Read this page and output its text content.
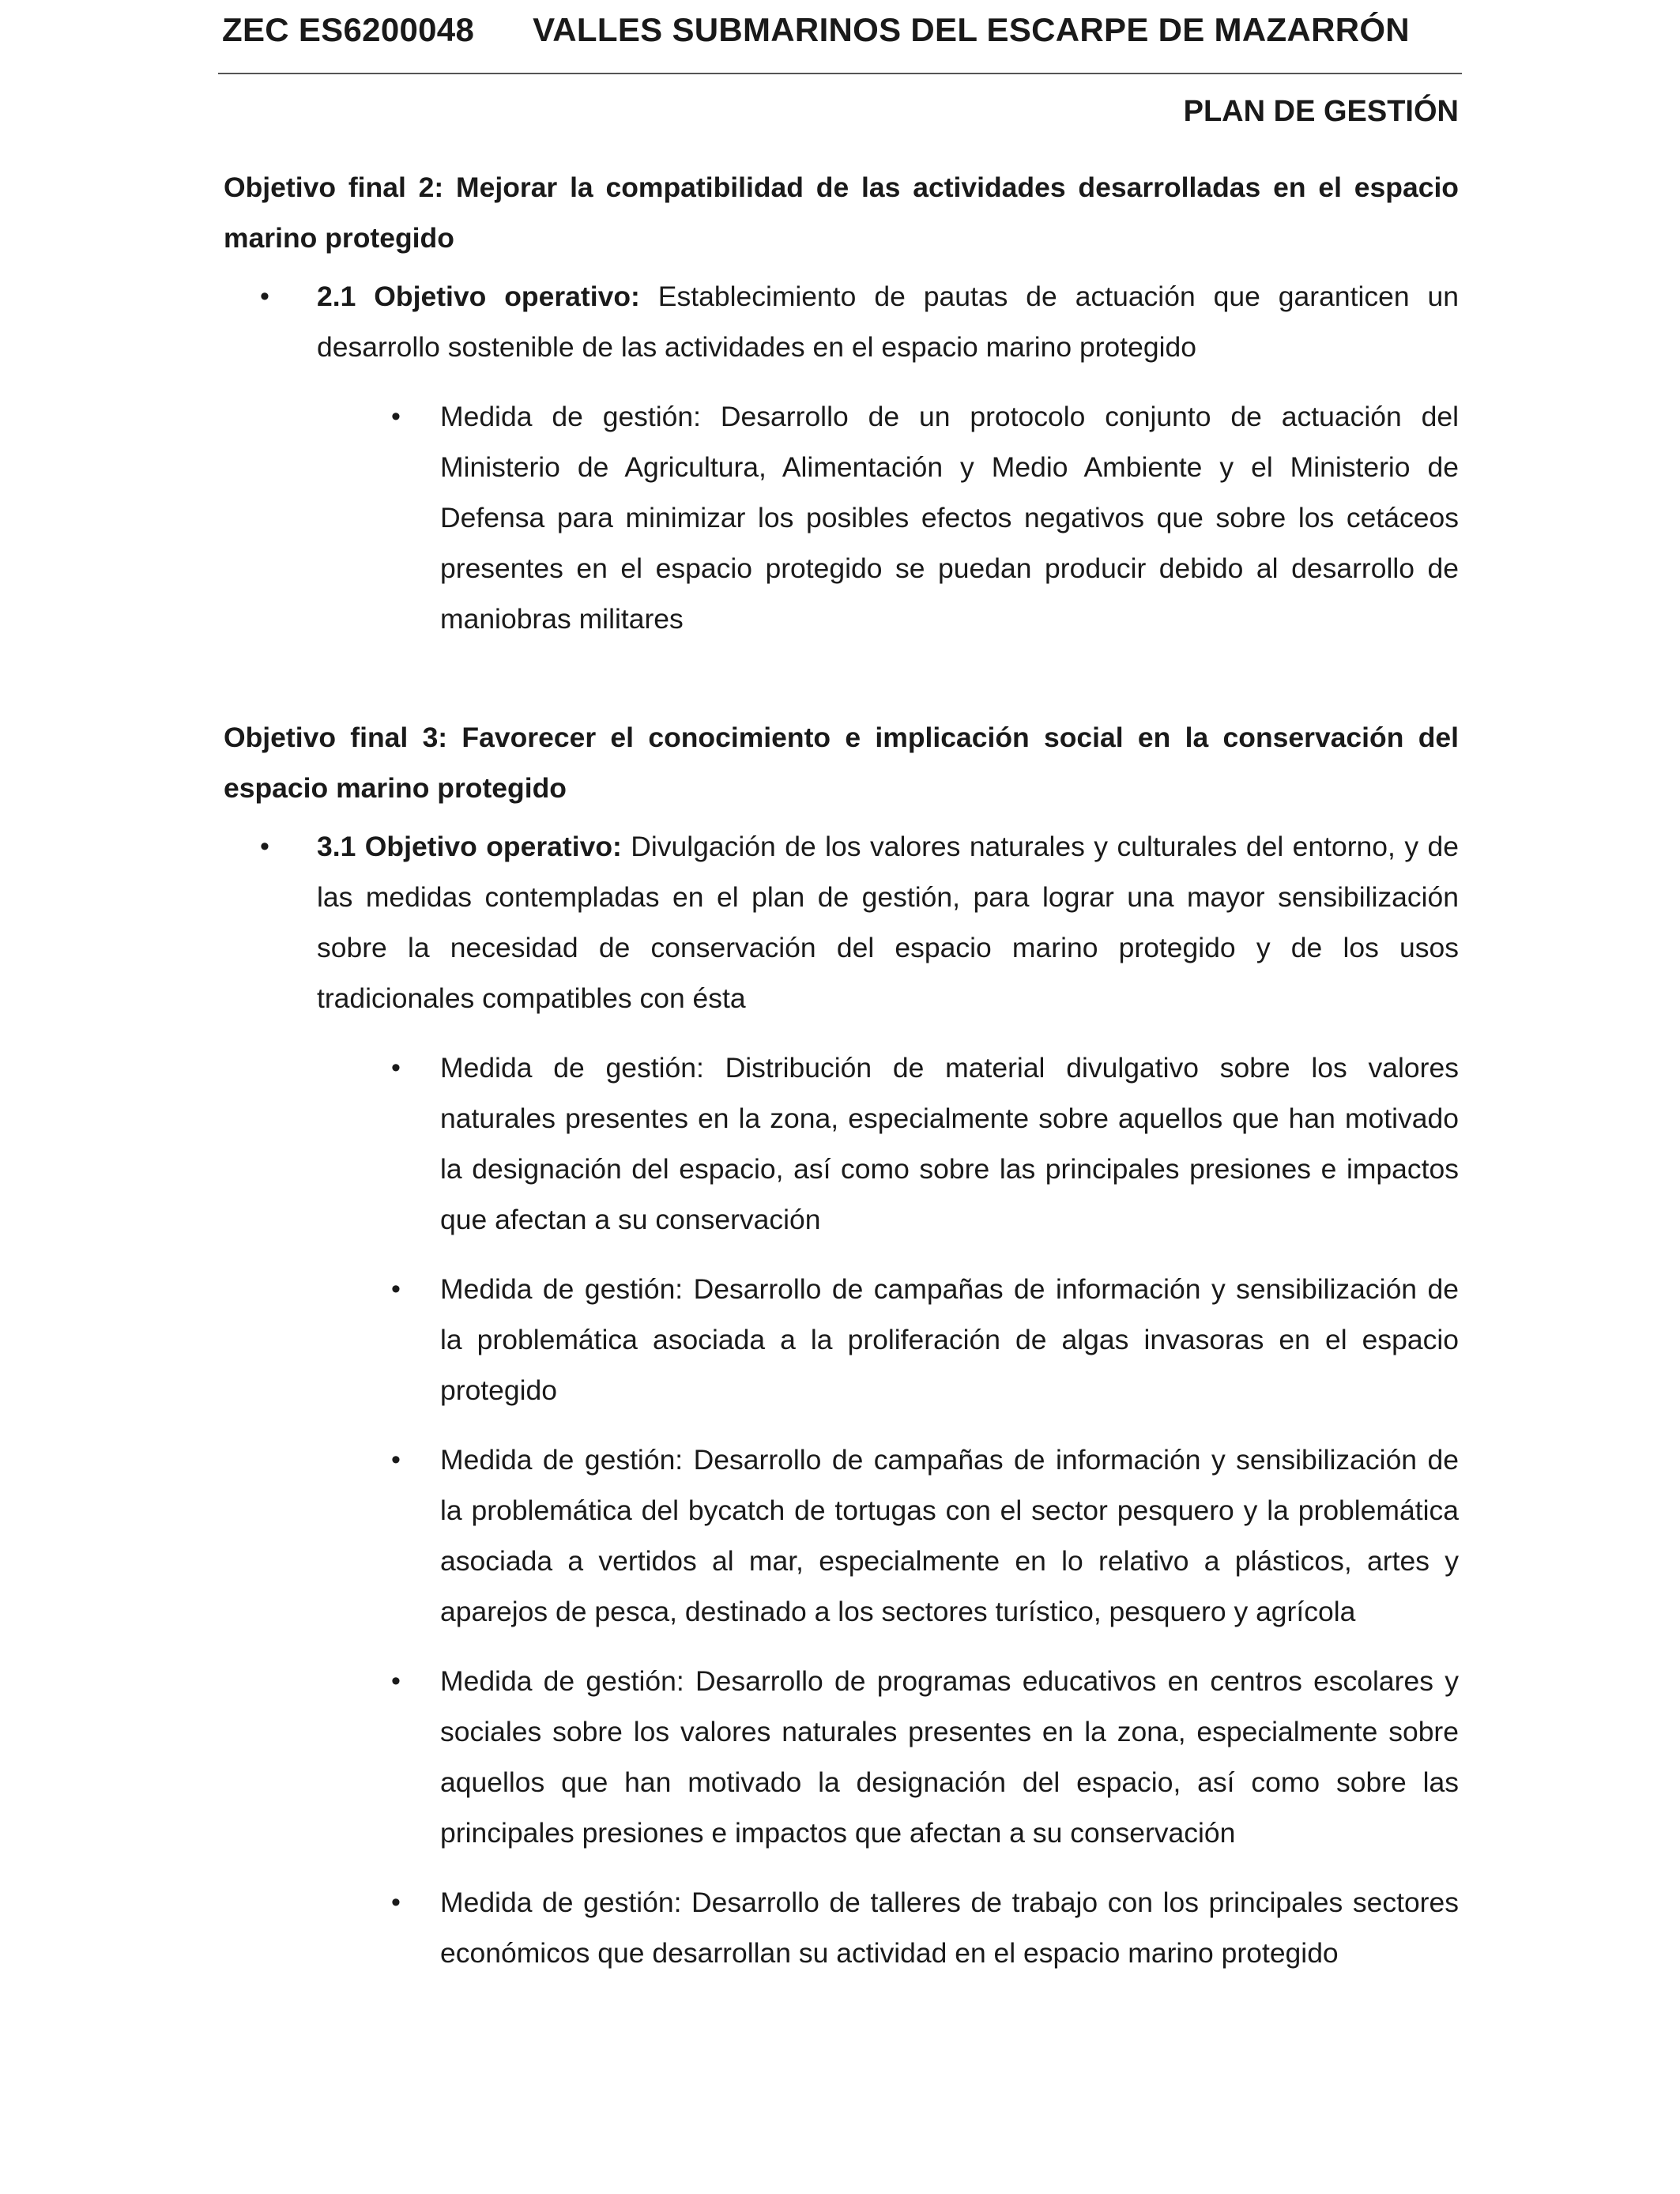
ZEC ES6200048 VALLES SUBMARINOS DEL ESCARPE DE MAZARRÓN
PLAN DE GESTIÓN

Objetivo final 2: Mejorar la compatibilidad de las actividades desarrolladas en el espacio marino protegido

• 2.1 Objetivo operativo: Establecimiento de pautas de actuación que garanticen un desarrollo sostenible de las actividades en el espacio marino protegido

• Medida de gestión: Desarrollo de un protocolo conjunto de actuación del Ministerio de Agricultura, Alimentación y Medio Ambiente y el Ministerio de Defensa para minimizar los posibles efectos negativos que sobre los cetáceos presentes en el espacio protegido se puedan producir debido al desarrollo de maniobras militares

Objetivo final 3: Favorecer el conocimiento e implicación social en la conservación del espacio marino protegido

• 3.1 Objetivo operativo: Divulgación de los valores naturales y culturales del entorno, y de las medidas contempladas en el plan de gestión, para lograr una mayor sensibilización sobre la necesidad de conservación del espacio marino protegido y de los usos tradicionales compatibles con ésta

• Medida de gestión: Distribución de material divulgativo sobre los valores naturales presentes en la zona, especialmente sobre aquellos que han motivado la designación del espacio, así como sobre las principales presiones e impactos que afectan a su conservación

• Medida de gestión: Desarrollo de campañas de información y sensibilización de la problemática asociada a la proliferación de algas invasoras en el espacio protegido

• Medida de gestión: Desarrollo de campañas de información y sensibilización de la problemática del bycatch de tortugas con el sector pesquero y la problemática asociada a vertidos al mar, especialmente en lo relativo a plásticos, artes y aparejos de pesca, destinado a los sectores turístico, pesquero y agrícola

• Medida de gestión: Desarrollo de programas educativos en centros escolares y sociales sobre los valores naturales presentes en la zona, especialmente sobre aquellos que han motivado la designación del espacio, así como sobre las principales presiones e impactos que afectan a su conservación

• Medida de gestión: Desarrollo de talleres de trabajo con los principales sectores económicos que desarrollan su actividad en el espacio marino protegido
